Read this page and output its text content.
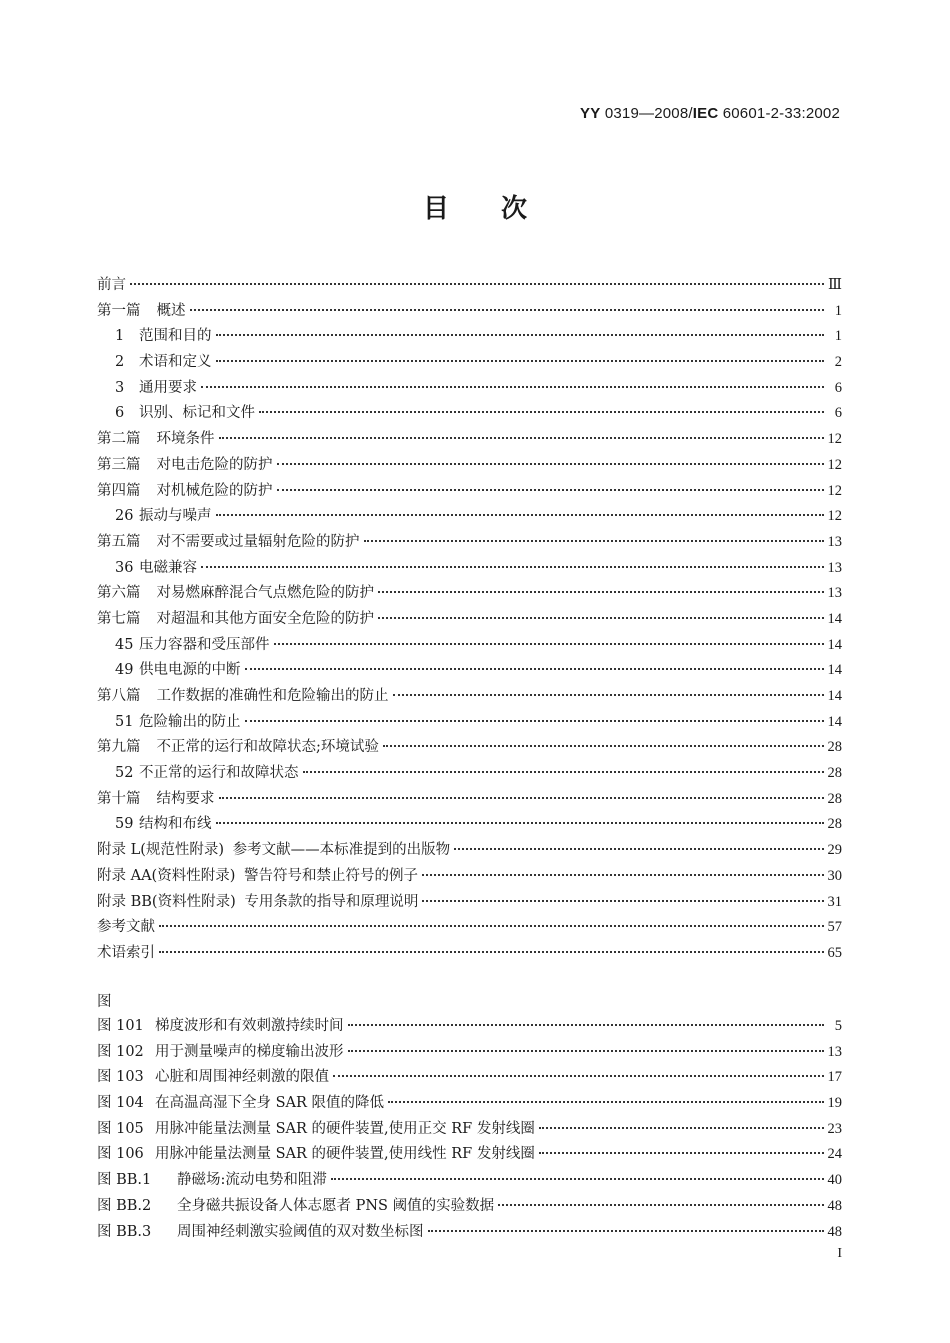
YY 0319—2008/IEC 60601-2-33:2002
目次
前言	Ⅲ
第一篇 概述	1
1 范围和目的	1
2 术语和定义	2
3 通用要求	6
6 识别、标记和文件	6
第二篇 环境条件	12
第三篇 对电击危险的防护	12
第四篇 对机械危险的防护	12
26 振动与噪声	12
第五篇 对不需要或过量辐射危险的防护	13
36 电磁兼容	13
第六篇 对易燃麻醉混合气点燃危险的防护	13
第七篇 对超温和其他方面安全危险的防护	14
45 压力容器和受压部件	14
49 供电电源的中断	14
第八篇 工作数据的准确性和危险输出的防止	14
51 危险输出的防止	14
第九篇 不正常的运行和故障状态;环境试验	28
52 不正常的运行和故障状态	28
第十篇 结构要求	28
59 结构和布线	28
附录 L(规范性附录) 参考文献——本标准提到的出版物	29
附录 AA(资料性附录) 警告符号和禁止符号的例子	30
附录 BB(资料性附录) 专用条款的指导和原理说明	31
参考文献	57
术语索引	65
图
图 101 梯度波形和有效刺激持续时间	5
图 102 用于测量噪声的梯度输出波形	13
图 103 心脏和周围神经刺激的限值	17
图 104 在高温高湿下全身 SAR 限值的降低	19
图 105 用脉冲能量法测量 SAR 的硬件装置,使用正交 RF 发射线圈	23
图 106 用脉冲能量法测量 SAR 的硬件装置,使用线性 RF 发射线圈	24
图 BB.1 静磁场:流动电势和阻滞	40
图 BB.2 全身磁共振设备人体志愿者 PNS 阈值的实验数据	48
图 BB.3 周围神经刺激实验阈值的双对数坐标图	48
I
